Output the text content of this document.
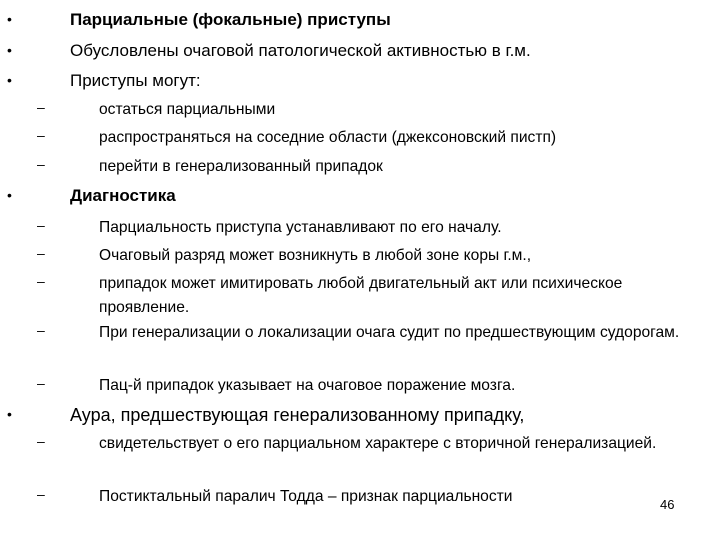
•	Парциальные (фокальные) приступы
•	Обусловлены очаговой патологической активностью в г.м.
•	Приступы могут:
–	остаться парциальными
–	распространяться на соседние области (джексоновский пистп)
–	перейти в генерализованный припадок
•	Диагностика
–	Парциальность приступа устанавливают по его началу.
–	Очаговый разряд может возникнуть в любой зоне коры г.м.,
–	припадок может имитировать любой двигательный акт или психическое проявление.
–	При генерализации о локализации очага судит по предшествующим судорогам.
–	Пац-й припадок указывает на очаговое поражение мозга.
•	Аура, предшествующая генерализованному припадку,
–	свидетельствует о его парциальном характере с вторичной генерализацией.
–	Постиктальный паралич Тодда – признак парциальности	46
